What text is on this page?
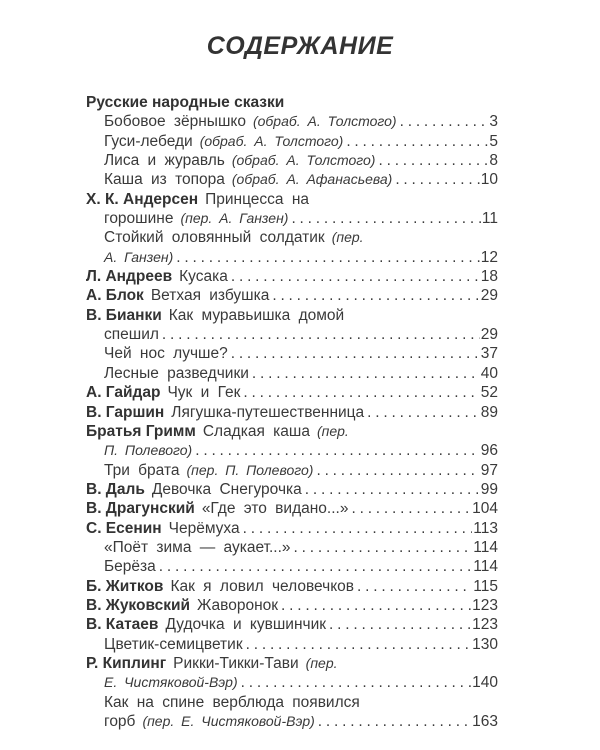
СОДЕРЖАНИЕ
Русские народные сказки
Бобовое зёрнышко (обраб. А. Толстого) . . .	3
Гуси-лебеди (обраб. А. Толстого) . . .	5
Лиса и журавль (обраб. А. Толстого) . . .	8
Каша из топора (обраб. А. Афанасьева) . . .	10
Х. К. Андерсен Принцесса на
горошине (пер. А. Ганзен) . . .	11
Стойкий оловянный солдатик (пер.
А. Ганзен) . . .	12
Л. Андреев Кусака . . .	18
А. Блок Ветхая избушка . . .	29
В. Бианки Как муравьишка домой
спешил . . .	29
Чей нос лучше? . . .	37
Лесные разведчики . . .	40
А. Гайдар Чук и Гек . . .	52
В. Гаршин Лягушка-путешественница . . .	89
Братья Гримм Сладкая каша (пер.
П. Полевого) . . .	96
Три брата (пер. П. Полевого) . . .	97
В. Даль Девочка Снегурочка . . .	99
В. Драгунский «Где это видано...» . . .	104
С. Есенин Черёмуха . . .	113
«Поёт зима — аукает...» . . .	114
Берёза . . .	114
Б. Житков Как я ловил человечков . . .	115
В. Жуковский Жаворонок . . .	123
В. Катаев Дудочка и кувшинчик . . .	123
Цветик-семицветик . . .	130
Р. Киплинг Рикки-Тикки-Тави (пер.
Е. Чистяковой-Вэр) . . .	140
Как на спине верблюда появился
горб (пер. Е. Чистяковой-Вэр) . . .	163
